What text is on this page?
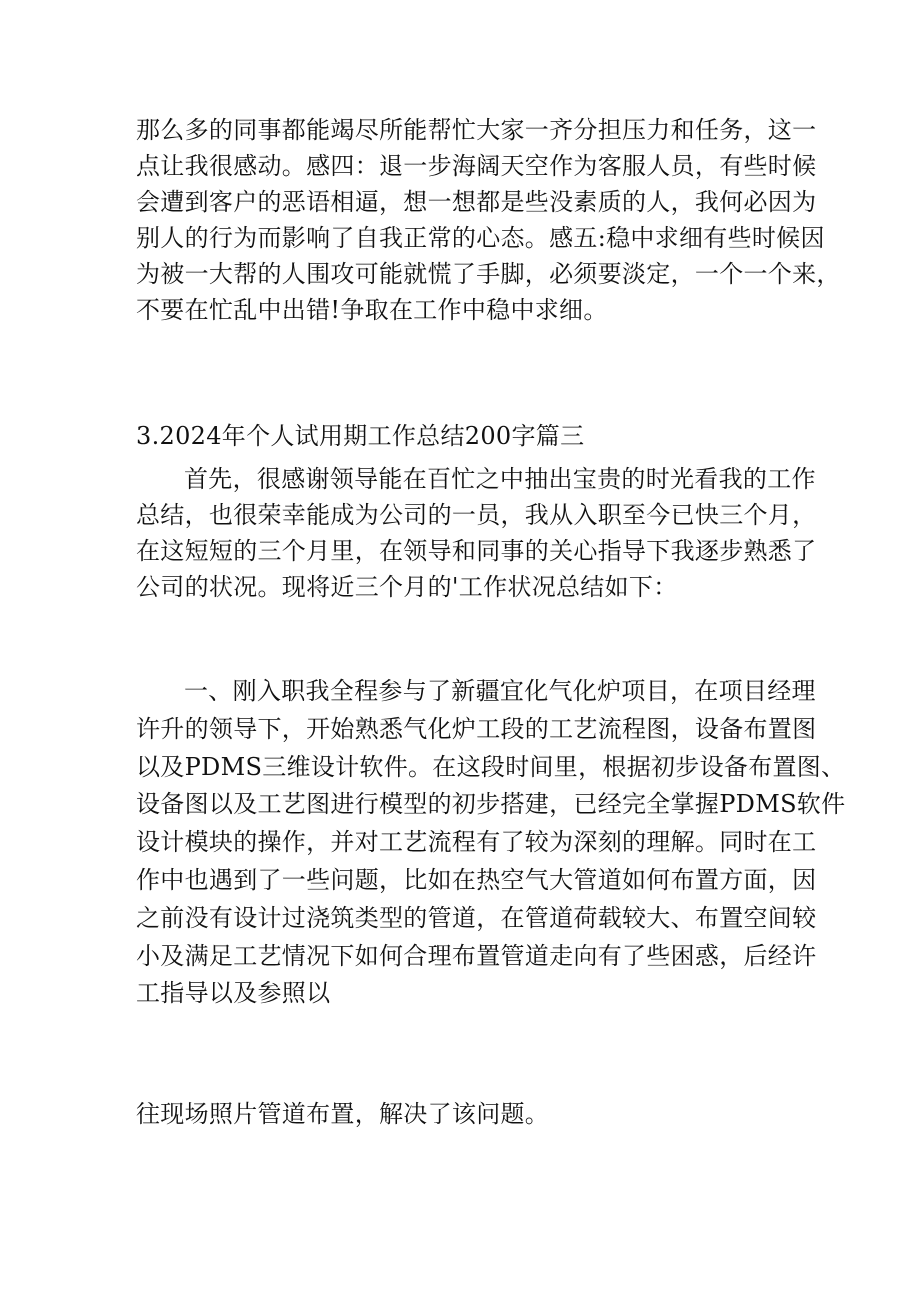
那么多的同事都能竭尽所能帮忙大家一齐分担压力和任务，这一
点让我很感动。感四：退一步海阔天空作为客服人员，有些时候
会遭到客户的恶语相逼，想一想都是些没素质的人，我何必因为
别人的行为而影响了自我正常的心态。感五:稳中求细有些时候因
为被一大帮的人围攻可能就慌了手脚，必须要淡定，一个一个来，
不要在忙乱中出错!争取在工作中稳中求细。
3.2024年个人试用期工作总结200字篇三
首先，很感谢领导能在百忙之中抽出宝贵的时光看我的工作
总结，也很荣幸能成为公司的一员，我从入职至今已快三个月，
在这短短的三个月里，在领导和同事的关心指导下我逐步熟悉了
公司的状况。现将近三个月的'工作状况总结如下：
一、刚入职我全程参与了新疆宜化气化炉项目，在项目经理
许升的领导下，开始熟悉气化炉工段的工艺流程图，设备布置图
以及PDMS三维设计软件。在这段时间里，根据初步设备布置图、
设备图以及工艺图进行模型的初步搭建，已经完全掌握PDMS软件
设计模块的操作，并对工艺流程有了较为深刻的理解。同时在工
作中也遇到了一些问题，比如在热空气大管道如何布置方面，因
之前没有设计过浇筑类型的管道，在管道荷载较大、布置空间较
小及满足工艺情况下如何合理布置管道走向有了些困惑，后经许
工指导以及参照以
往现场照片管道布置，解决了该问题。
